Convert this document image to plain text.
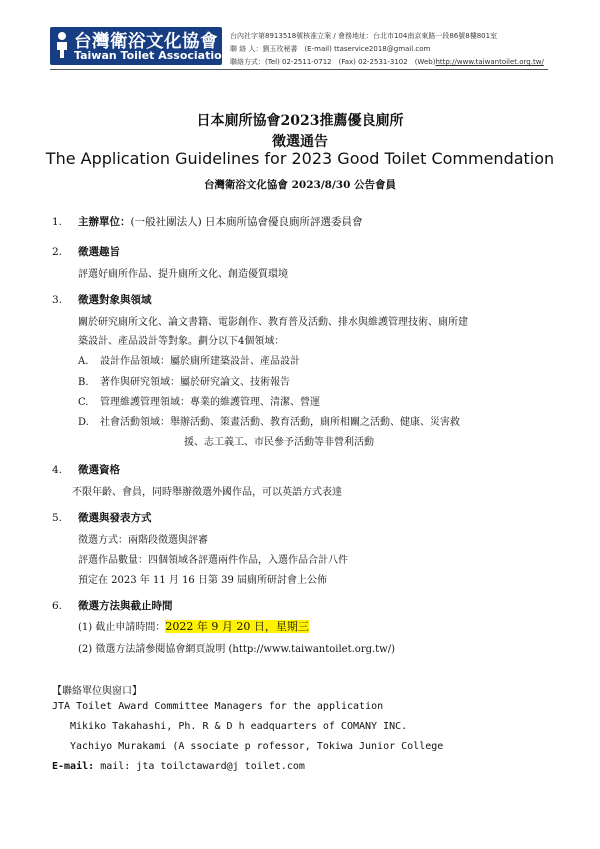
台灣衛浴文化協會
Taiwan Toilet Association
台內社字第8913518號核准立案 / 會務地址：台北市104南京東路一段86號8樓801室
聯 絡 人：劉玉玫秘書　(E-mail) ttaservice2018@gmail.com
聯絡方式：(Tel) 02-2511-0712　(Fax) 02-2531-3102　(Web)http://www.taiwantoilet.org.tw/
日本廁所協會2023推薦優良廁所
徵選通告
The Application Guidelines for 2023 Good Toilet Commendation
台灣衛浴文化協會 2023/8/30 公告會員
1. 主辦單位：(一般社團法人) 日本廁所協會優良廁所評選委員會
2. 徵選趣旨
評選好廁所作品、提升廁所文化、創造優質環境
3. 徵選對象與領域
關於研究廁所文化、論文書籍、電影創作、教育普及活動、排水與維護管理技術、廁所建
築設計、產品設計等對象。劃分以下4個領域：
A. 設計作品領域：屬於廁所建築設計、產品設計
B. 著作與研究領域：屬於研究論文、技術報告
C. 管理維護管理領域：專業的維護管理、清潔、營運
D. 社會活動領域：舉辦活動、策畫活動、教育活動，廁所相關之活動、健康、災害救
援、志工義工、市民參予活動等非營利活動
4. 徵選資格
不限年齡、會員，同時舉辦徵選外國作品，可以英語方式表達
5. 徵選與發表方式
徵選方式：兩階段徵選與評審
評選作品數量：四個領域各評選兩件作品，入選作品合計八件
預定在 2023 年 11 月 16 日第 39 屆廁所研討會上公佈
6. 徵選方法與截止時間
(1) 截止申請時間：2022 年 9 月 20 日，星期三
(2) 徵選方法請參閱協會網頁說明 (http://www.taiwantoilet.org.tw/)
【聯絡單位與窗口】
JTA Toilet Award Committee Managers for the application
Mikiko Takahashi, Ph. R & D h eadquarters of COMANY INC.
Yachiyo Murakami (A ssociate p rofessor, Tokiwa Junior College
E-mail: mail: jta toilctaward@j toilet.com
